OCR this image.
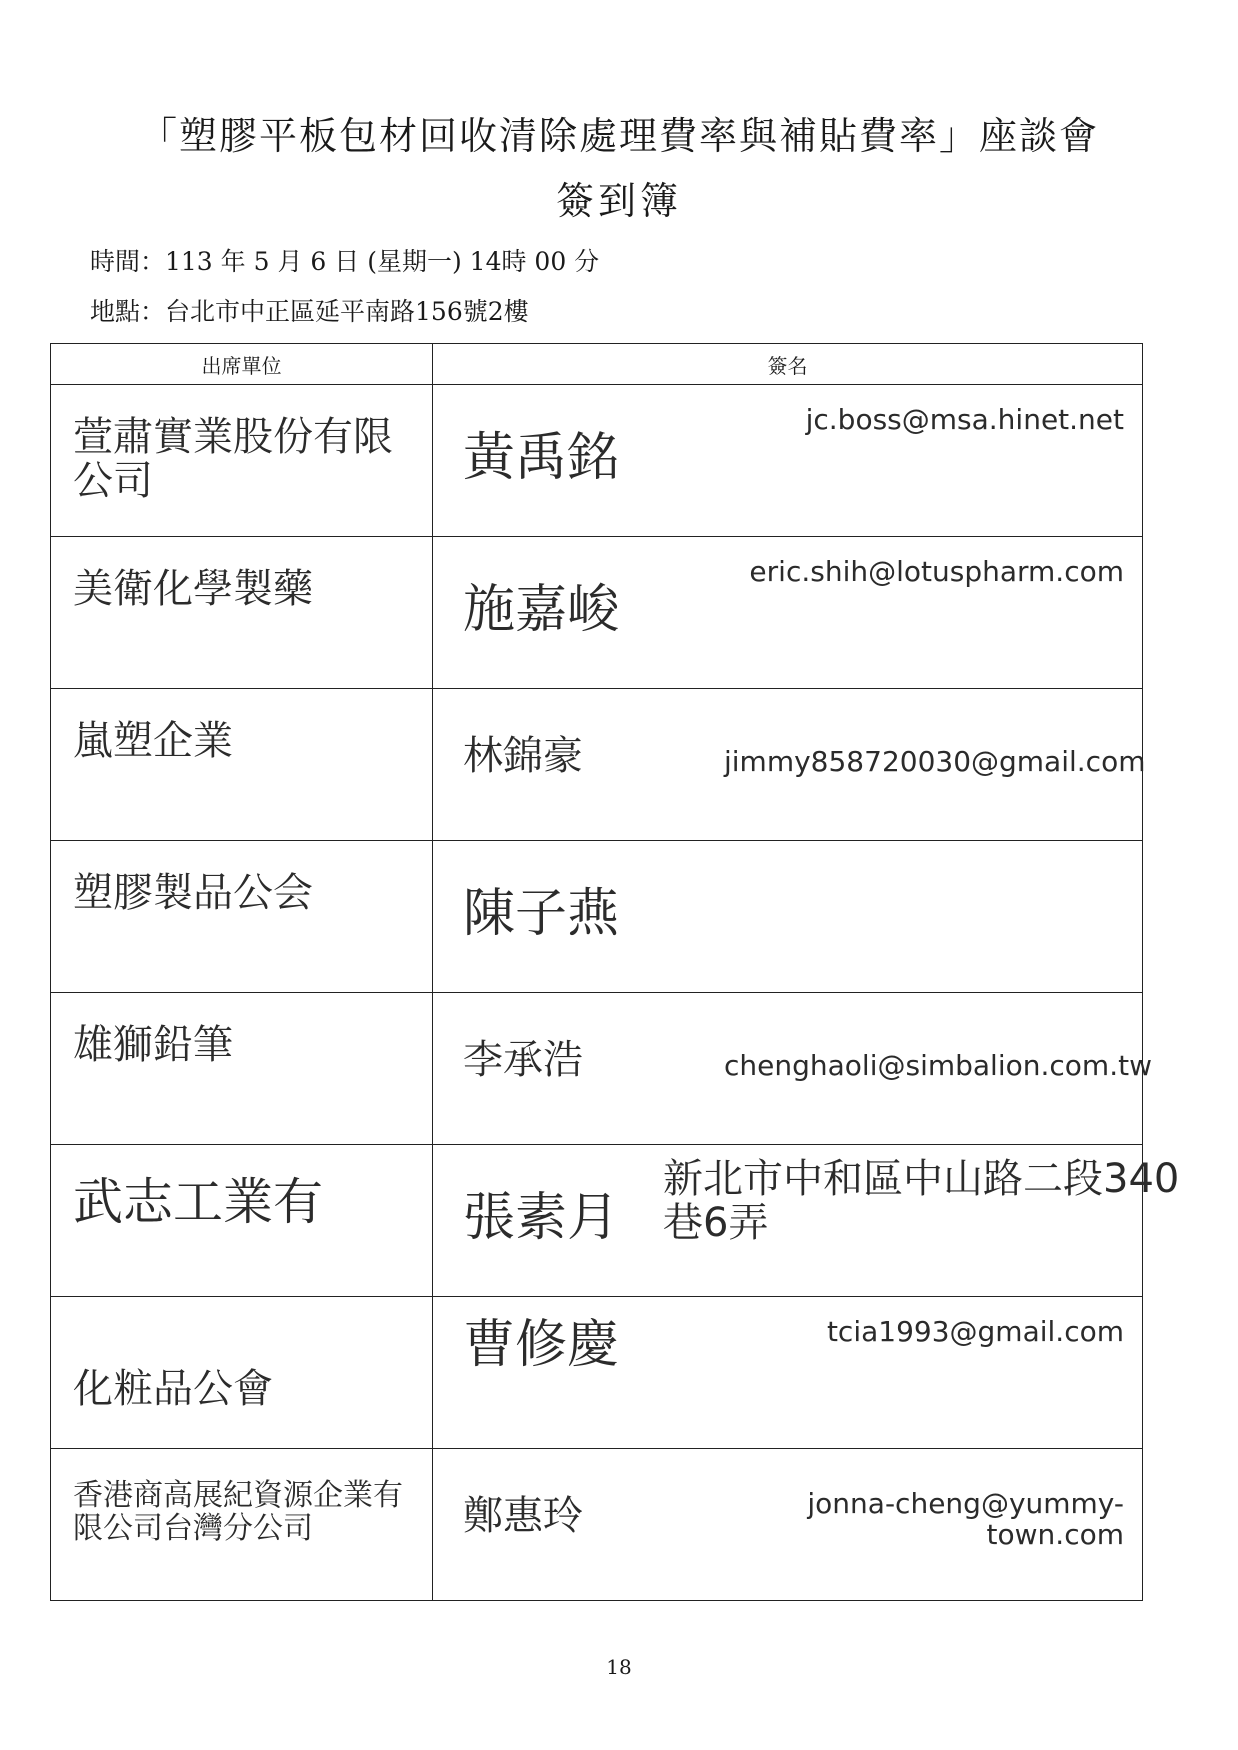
「塑膠平板包材回收清除處理費率與補貼費率」座談會
簽到簿
時間：113 年 5 月 6 日 (星期一) 14時 00 分
地點：台北市中正區延平南路156號2樓
出席單位	簽名

萱肅實業股份有限公司	黃禹銘
jc.boss@msa.hinet.net

美衛化學製藥	施嘉峻
eric.shih@lotuspharm.com

嵐塑企業	林錦豪 jimmy858720030@gmail.com

塑膠製品公会	陳子燕

雄獅鉛筆	李承浩 chenghaoli@simbalion.com.tw

武志工業有	張素月
新北市中和區中山路二段340巷6弄

化粧品公會	曹修慶 tcia1993@gmail.com

香港商高展紀資源企業有限公司台灣分公司	鄭惠玲 jonna-cheng@yummy-town.com
18
